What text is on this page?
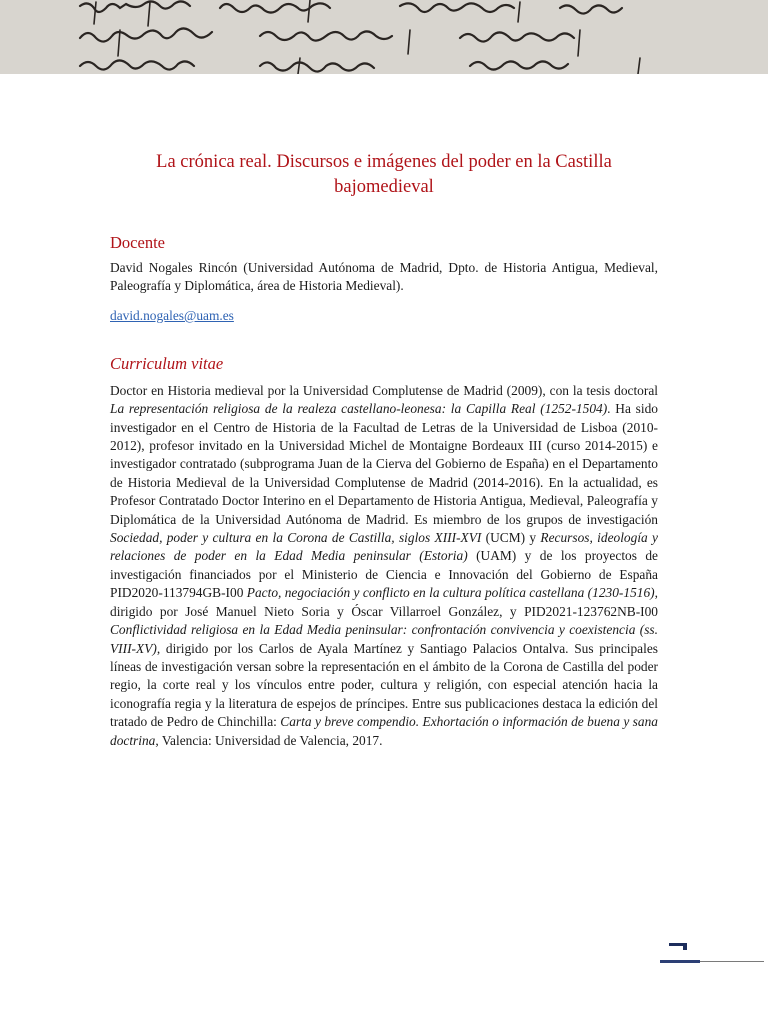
La crónica real. Discursos e imágenes del poder en la Castilla bajomedieval
Docente

David Nogales Rincón (Universidad Autónoma de Madrid, Dpto. de Historia Antigua, Medieval, Paleografía y Diplomática, área de Historia Medieval).

david.nogales@uam.es
Curriculum vitae

Doctor en Historia medieval por la Universidad Complutense de Madrid (2009), con la tesis doctoral La representación religiosa de la realeza castellano-leonesa: la Capilla Real (1252-1504). Ha sido investigador en el Centro de Historia de la Facultad de Letras de la Universidad de Lisboa (2010-2012), profesor invitado en la Universidad Michel de Montaigne Bordeaux III (curso 2014-2015) e investigador contratado (subprograma Juan de la Cierva del Gobierno de España) en el Departamento de Historia Medieval de la Universidad Complutense de Madrid (2014-2016). En la actualidad, es Profesor Contratado Doctor Interino en el Departamento de Historia Antigua, Medieval, Paleografía y Diplomática de la Universidad Autónoma de Madrid. Es miembro de los grupos de investigación Sociedad, poder y cultura en la Corona de Castilla, siglos XIII-XVI (UCM) y Recursos, ideología y relaciones de poder en la Edad Media peninsular (Estoria) (UAM) y de los proyectos de investigación financiados por el Ministerio de Ciencia e Innovación del Gobierno de España PID2020-113794GB-I00 Pacto, negociación y conflicto en la cultura política castellana (1230-1516), dirigido por José Manuel Nieto Soria y Óscar Villarroel González, y PID2021-123762NB-I00 Conflictividad religiosa en la Edad Media peninsular: confrontación convivencia y coexistencia (ss. VIII-XV), dirigido por los Carlos de Ayala Martínez y Santiago Palacios Ontalva. Sus principales líneas de investigación versan sobre la representación en el ámbito de la Corona de Castilla del poder regio, la corte real y los vínculos entre poder, cultura y religión, con especial atención hacia la iconografía regia y la literatura de espejos de príncipes. Entre sus publicaciones destaca la edición del tratado de Pedro de Chinchilla: Carta y breve compendio. Exhortación o información de buena y sana doctrina, Valencia: Universidad de Valencia, 2017.
